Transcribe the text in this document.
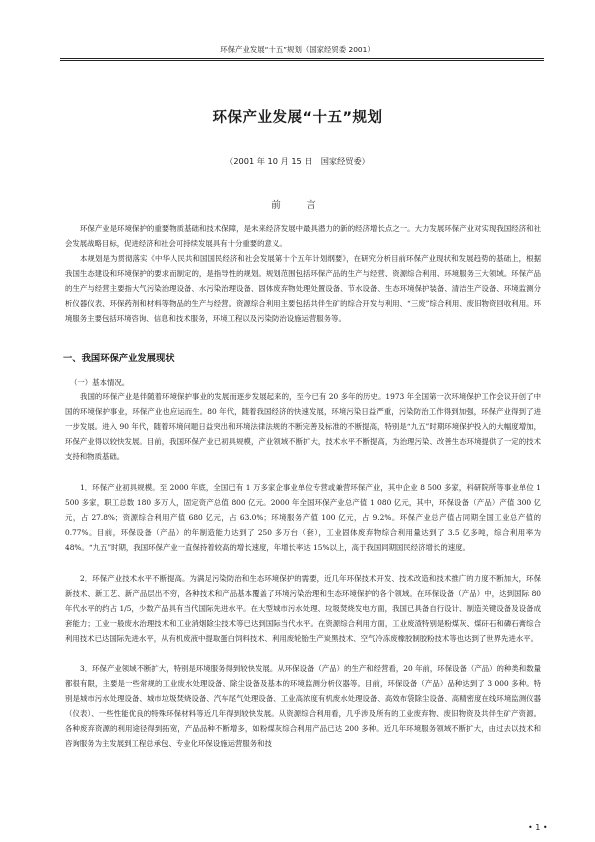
环保产业发展“十五”规划（国家经贸委 2001）
环保产业发展“十五”规划
（2001 年 10 月 15 日　国家经贸委）
前　言

环保产业是环境保护的重要物质基础和技术保障，是未来经济发展中最具潜力的新的经济增长点之一。大力发展环保产业对实现我国经济和社会发展战略目标，促进经济和社会可持续发展具有十分重要的意义。

本规划是为贯彻落实《中华人民共和国国民经济和社会发展第十个五年计划纲要》，在研究分析目前环保产业现状和发展趋势的基础上，根据我国生态建设和环境保护的要求而制定的，是指导性的规划。规划范围包括环保产品的生产与经营、资源综合利用、环境服务三大领域。环保产品的生产与经营主要指大气污染治理设备、水污染治理设备、固体废弃物处理处置设备、节水设备、生态环境保护装备、清洁生产设备、环境监测分析仪器仪表、环保药剂和材料等物品的生产与经营。资源综合利用主要包括共伴生矿的综合开发与利用、“三废”综合利用、废旧物资回收利用。环境服务主要包括环境咨询、信息和技术服务，环境工程以及污染防治设施运营服务等。

一、我国环保产业发展现状
（一）基本情况。

我国的环保产业是伴随着环境保护事业的发展而逐步发展起来的，至今已有 20 多年的历史。1973 年全国第一次环境保护工作会议开创了中国的环境保护事业，环保产业也应运而生。80 年代，随着我国经济的快速发展，环境污染日益严重，污染防治工作得到加强，环保产业得到了进一步发展。进入 90 年代，随着环境问题日益突出和环境法律法规的不断完善及标准的不断提高，特别是“九五”时期环境保护投入的大幅度增加，环保产业得以较快发展。目前，我国环保产业已初具规模，产业领域不断扩大，技术水平不断提高，为治理污染、改善生态环境提供了一定的技术支持和物质基础。

1．环保产业初具规模。至 2000 年底，全国已有 1 万多家企事业单位专营或兼营环保产业，其中企业 8 500 多家，科研院所等事业单位 1 500 多家，职工总数 180 多万人，固定资产总值 800 亿元。2000 年全国环保产业总产值 1 080 亿元，其中，环保设备（产品）产值 300 亿元，占 27.8%；资源综合利用产值 680 亿元，占 63.0%；环境服务产值 100 亿元，占 9.2%。环保产业总产值占同期全国工业总产值的 0.77%。目前，环保设备（产品）的年制造能力达到了 250 多万台（套），工业固体废弃物综合利用量达到了 3.5 亿多吨，综合利用率为 48%。“九五”时期，我国环保产业一直保持着较高的增长速度，年增长率达 15%以上，高于我国同期国民经济增长的速度。

2．环保产业技术水平不断提高。为满足污染防治和生态环境保护的需要，近几年环保技术开发、技术改造和技术推广的力度不断加大，环保新技术、新工艺、新产品层出不穷，各种技术和产品基本覆盖了环境污染治理和生态环境保护的各个领域。在环保设备（产品）中，达到国际 80 年代水平的约占 1/5，少数产品具有当代国际先进水平。在大型城市污水处理、垃圾焚烧发电方面，我国已具备自行设计、制造关键设备及设备成套能力；工业一般废水治理技术和工业消烟除尘技术等已达到国际当代水平。在资源综合利用方面，工业废渣特别是粉煤灰、煤矸石和磷石膏综合利用技术已达国际先进水平，从有机废液中提取蛋白饲料技术、利用废轮胎生产炭黑技术、空气冷冻废橡胶制胶粉技术等也达到了世界先进水平。

3．环保产业领域不断扩大，特别是环境服务得到较快发展。从环保设备（产品）的生产和经营看，20 年前，环保设备（产品）的种类和数量都很有限，主要是一些常规的工业废水处理设备、除尘设备及基本的环境监测分析仪器等。目前，环保设备（产品）品种达到了 3 000 多种。特别是城市污水处理设备、城市垃圾焚烧设备、汽车尾气处理设备、工业高浓度有机废水处理设备、高效布袋除尘设备、高精密度在线环境监测仪器（仪表）、一些性能优良的特殊环保材料等近几年得到较快发展。从资源综合利用看，几乎涉及所有的工业废弃物、废旧物资及共伴生矿产资源。各种废弃资源的利用途径得到拓宽，产品品种不断增多，如粉煤灰综合利用产品已达 200 多种。近几年环境服务领域不断扩大，由过去以技术和咨询服务为主发展到工程总承包、专业化环保设施运营服务和技

• 1 •
